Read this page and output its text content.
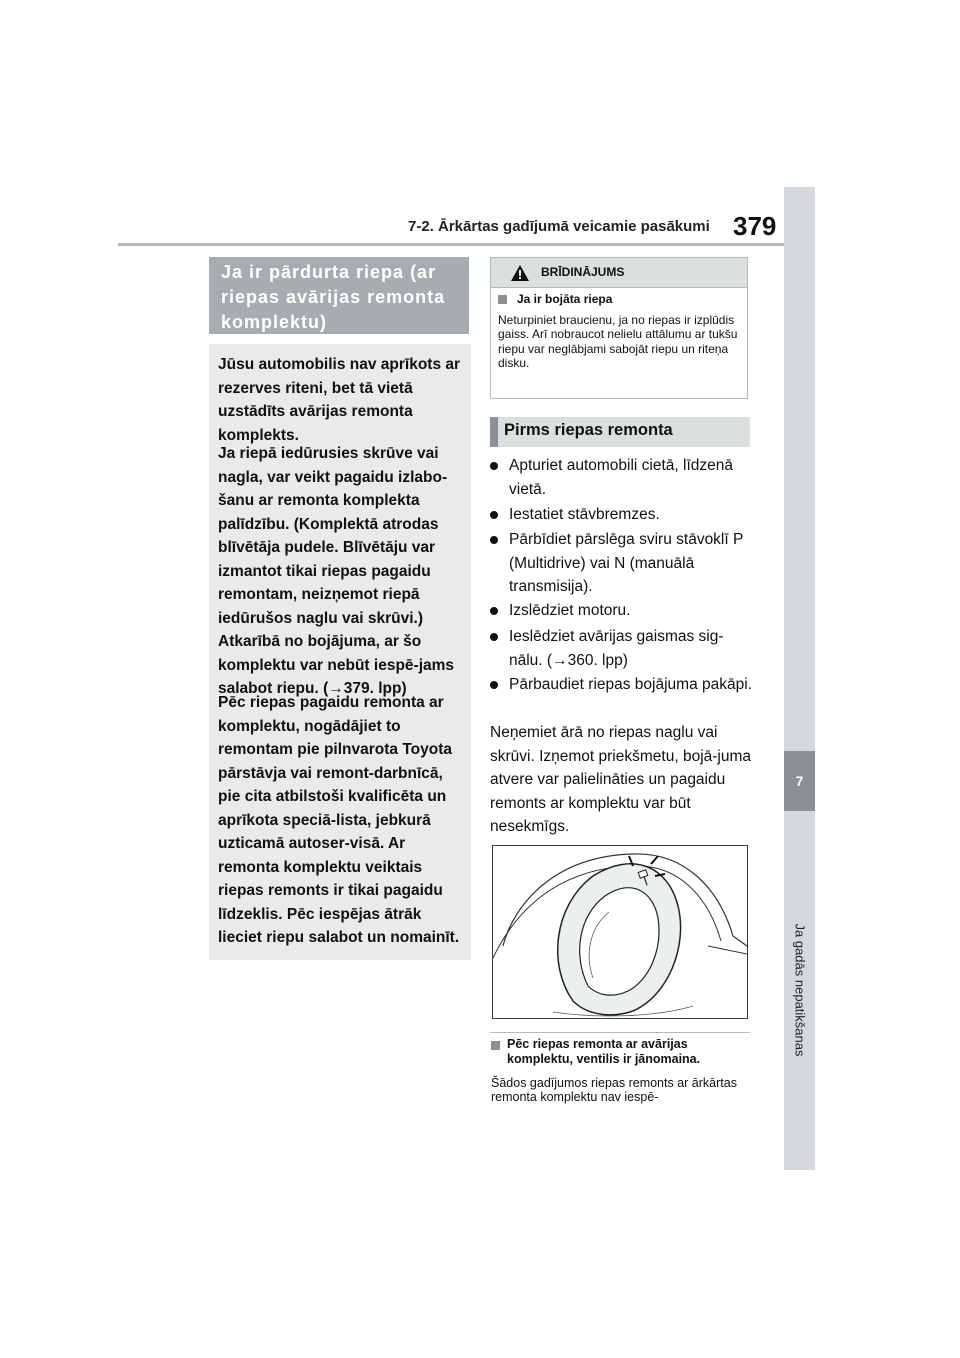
7-2. Ārkārtas gadījumā veicamie pasākumi 379
7
Ja gadās nepatikšanas
Ja ir pārdurta riepa (ar riepas avārijas remonta komplektu)

Jūsu automobilis nav aprīkots ar rezerves riteni, bet tā vietā uzstādīts avārijas remonta komplekts.

Ja riepā iedūrusies skrūve vai nagla, var veikt pagaidu izlabo-šanu ar remonta komplekta palīdzību. (Komplektā atrodas blīvētāja pudele. Blīvētāju var izmantot tikai riepas pagaidu remontam, neizņemot riepā iedūrušos naglu vai skrūvi.) Atkarībā no bojājuma, ar šo komplektu var nebūt iespē-jams salabot riepu. (→379. lpp)

Pēc riepas pagaidu remonta ar komplektu, nogādājiet to remontam pie pilnvarota Toyota pārstāvja vai remont-darbnīcā, pie cita atbilstoši kvalificēta un aprīkota speciā-lista, jebkurā uzticamā autoser-visā. Ar remonta komplektu veiktais riepas remonts ir tikai pagaidu līdzeklis. Pēc iespējas ātrāk lieciet riepu salabot un nomainīt.

BRĪDINĀJUMS
Ja ir bojāta riepa

Neturpiniet braucienu, ja no riepas ir izplūdis gaiss. Arī nobraucot nelielu attālumu ar tukšu riepu var neglābjami sabojāt riepu un riteņa disku.

Pirms riepas remonta
Apturiet automobili cietā, līdzenā vietā.
Iestatiet stāvbremzes.
Pārbīdiet pārslēga sviru stāvoklī P (Multidrive) vai N (manuālā transmisija).
Izslēdziet motoru.
Ieslēdziet avārijas gaismas sig-nālu. (→360. lpp)
Pārbaudiet riepas bojājuma pakāpi.

Neņemiet ārā no riepas naglu vai skrūvi. Izņemot priekšmetu, bojā-juma atvere var palielināties un pagaidu remonts ar komplektu var būt nesekmīgs.

Pēc riepas remonta ar avārijas komplektu, ventilis ir jānomaina.

Šādos gadījumos riepas remonts ar ārkārtas remonta komplektu nav iespē-
